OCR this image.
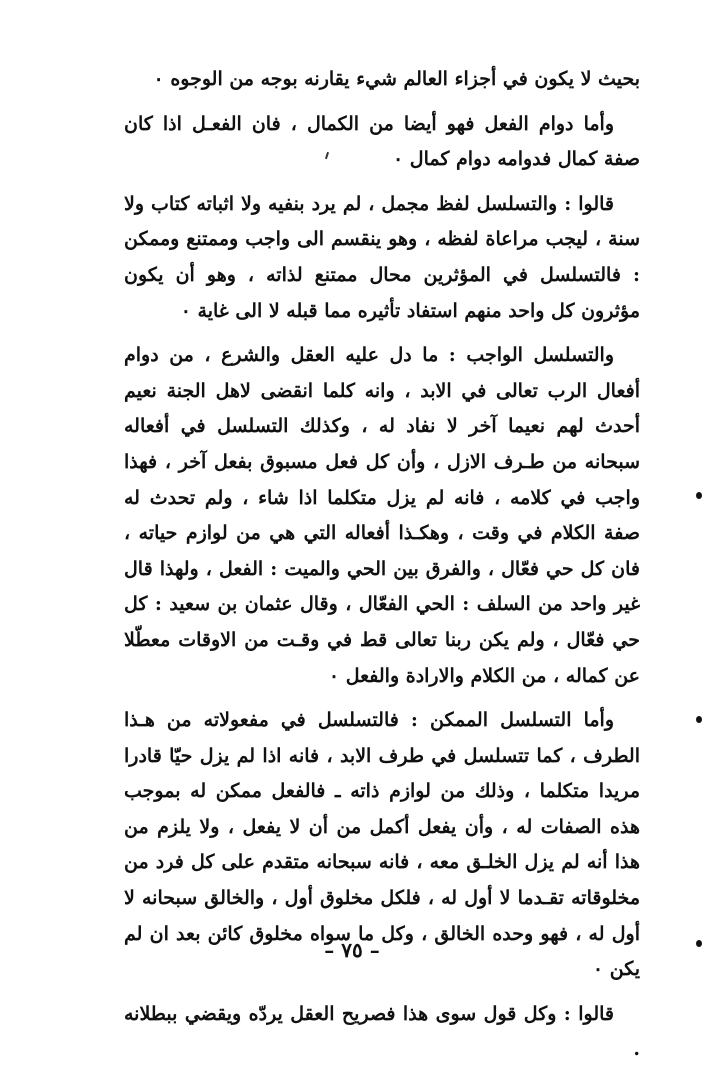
بحيث لا يكون في أجزاء العالم شيء يقارنه بوجه من الوجوه ٠

وأما دوام الفعل فهو أيضا من الكمال ، فان الفعـل اذا كان صفة كمال فدوامه دوام كمال ٠

قالوا : والتسلسل لفظ مجمل ، لم يرد بنفيه ولا اثباته كتاب ولا سنة ، ليجب مراعاة لفظه ، وهو ينقسم الى واجب وممتنع وممكن : فالتسلسل في المؤثرين محال ممتنع لذاته ، وهو أن يكون مؤثرون كل واحد منهم استفاد تأثيره مما قبله لا الى غاية ٠

والتسلسل الواجب : ما دل عليه العقل والشرع ، من دوام أفعال الرب تعالى في الابد ، وانه كلما انقضى لاهل الجنة نعيم أحدث لهم نعيما آخر لا نفاد له ، وكذلك التسلسل في أفعاله سبحانه من طـرف الازل ، وأن كل فعل مسبوق بفعل آخر ، فهذا واجب في كلامه ، فانه لم يزل متكلما اذا شاء ، ولم تحدث له صفة الكلام في وقت ، وهكـذا أفعاله التي هي من لوازم حياته ، فان كل حي فعّال ، والفرق بين الحي والميت : الفعل ، ولهذا قال غير واحد من السلف : الحي الفعّال ، وقال عثمان بن سعيد : كل حي فعّال ، ولم يكن ربنا تعالى قط في وقـت من الاوقات معطّلا عن كماله ، من الكلام والارادة والفعل ٠

وأما التسلسل الممكن : فالتسلسل في مفعولاته من هـذا الطرف ، كما تتسلسل في طرف الابد ، فانه اذا لم يزل حيّا قادرا مريدا متكلما ، وذلك من لوازم ذاته ـ فالفعل ممكن له بموجب هذه الصفات له ، وأن يفعل أكمل من أن لا يفعل ، ولا يلزم من هذا أنه لم يزل الخلـق معه ، فانه سبحانه متقدم على كل فرد من مخلوقاته تقـدما لا أول له ، فلكل مخلوق أول ، والخالق سبحانه لا أول له ، فهو وحده الخالق ، وكل ما سواه مخلوق كائن بعد ان لم يكن ٠

قالوا : وكل قول سوى هذا فصريح العقل يردّه ويقضي ببطلانه .

– ٧٥ –
